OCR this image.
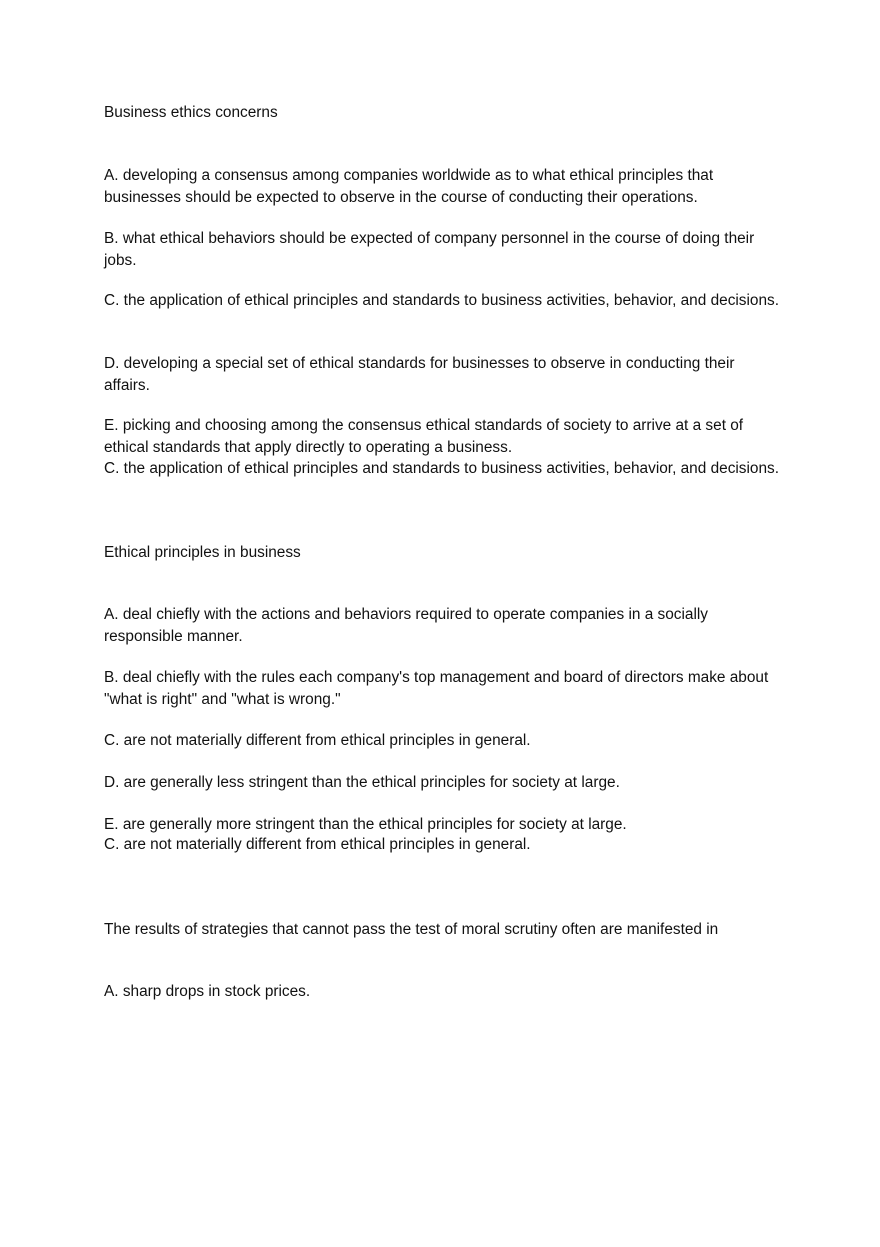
Business ethics concerns

A. developing a consensus among companies worldwide as to what ethical principles that businesses should be expected to observe in the course of conducting their operations.

B. what ethical behaviors should be expected of company personnel in the course of doing their jobs.

C. the application of ethical principles and standards to business activities, behavior, and decisions.

D. developing a special set of ethical standards for businesses to observe in conducting their affairs.

E. picking and choosing among the consensus ethical standards of society to arrive at a set of ethical standards that apply directly to operating a business.

C. the application of ethical principles and standards to business activities, behavior, and decisions.

Ethical principles in business

A. deal chiefly with the actions and behaviors required to operate companies in a socially responsible manner.

B. deal chiefly with the rules each company's top management and board of directors make about "what is right" and "what is wrong."

C. are not materially different from ethical principles in general.

D. are generally less stringent than the ethical principles for society at large.

E. are generally more stringent than the ethical principles for society at large.

C. are not materially different from ethical principles in general.

The results of strategies that cannot pass the test of moral scrutiny often are manifested in

A. sharp drops in stock prices.
